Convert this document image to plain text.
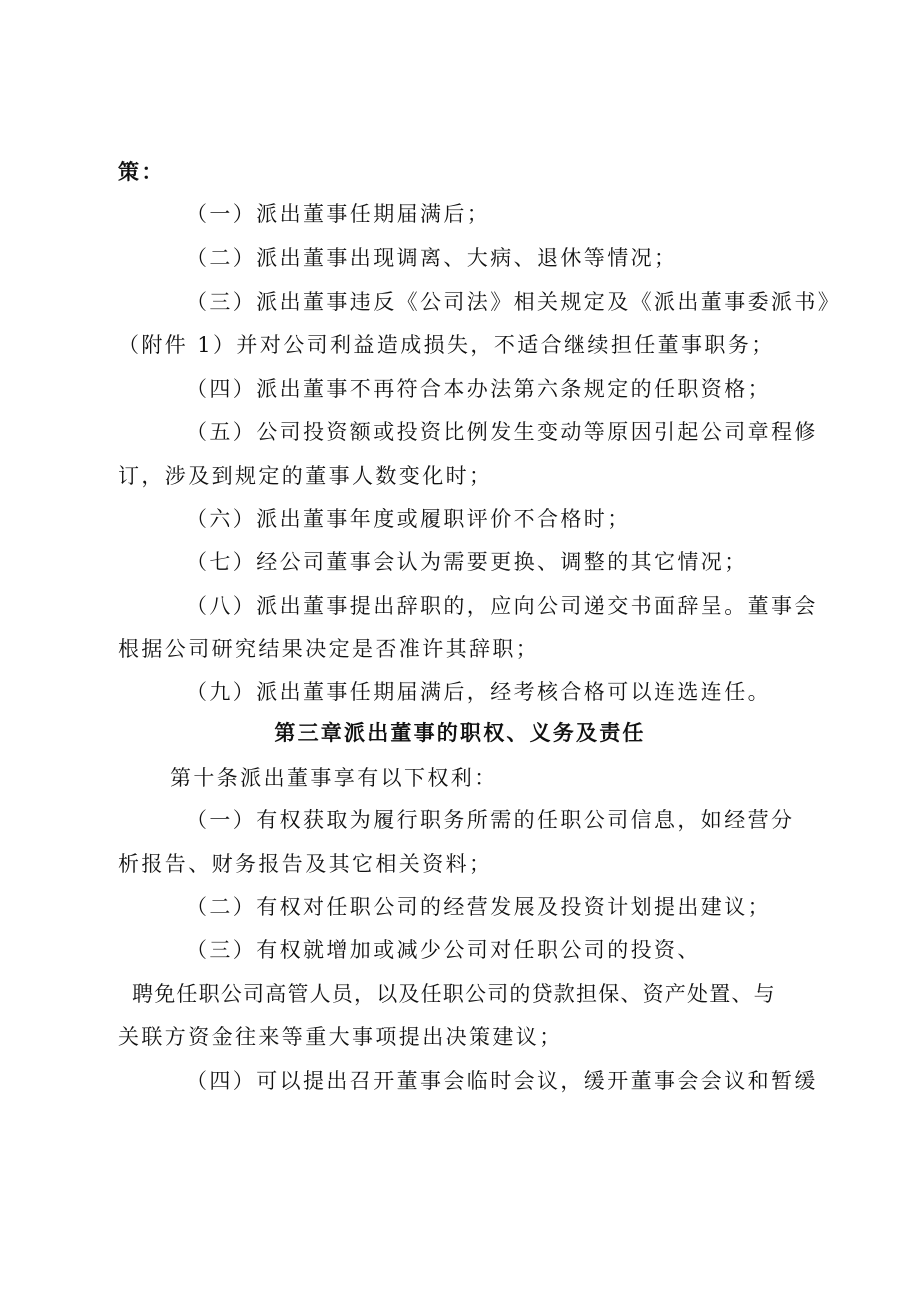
策：
（一）派出董事任期届满后；
（二）派出董事出现调离、大病、退休等情况；
（三）派出董事违反《公司法》相关规定及《派出董事委派书》
（附件 1）并对公司利益造成损失，不适合继续担任董事职务；
（四）派出董事不再符合本办法第六条规定的任职资格；
（五）公司投资额或投资比例发生变动等原因引起公司章程修
订，涉及到规定的董事人数变化时；
（六）派出董事年度或履职评价不合格时；
（七）经公司董事会认为需要更换、调整的其它情况；
（八）派出董事提出辞职的，应向公司递交书面辞呈。董事会
根据公司研究结果决定是否准许其辞职；
（九）派出董事任期届满后，经考核合格可以连选连任。
第三章派出董事的职权、义务及责任
第十条派出董事享有以下权利：
（一）有权获取为履行职务所需的任职公司信息，如经营分
析报告、财务报告及其它相关资料；
（二）有权对任职公司的经营发展及投资计划提出建议；
（三）有权就增加或减少公司对任职公司的投资、
聘免任职公司高管人员，以及任职公司的贷款担保、资产处置、与
关联方资金往来等重大事项提出决策建议；
（四）可以提出召开董事会临时会议，缓开董事会会议和暂缓
